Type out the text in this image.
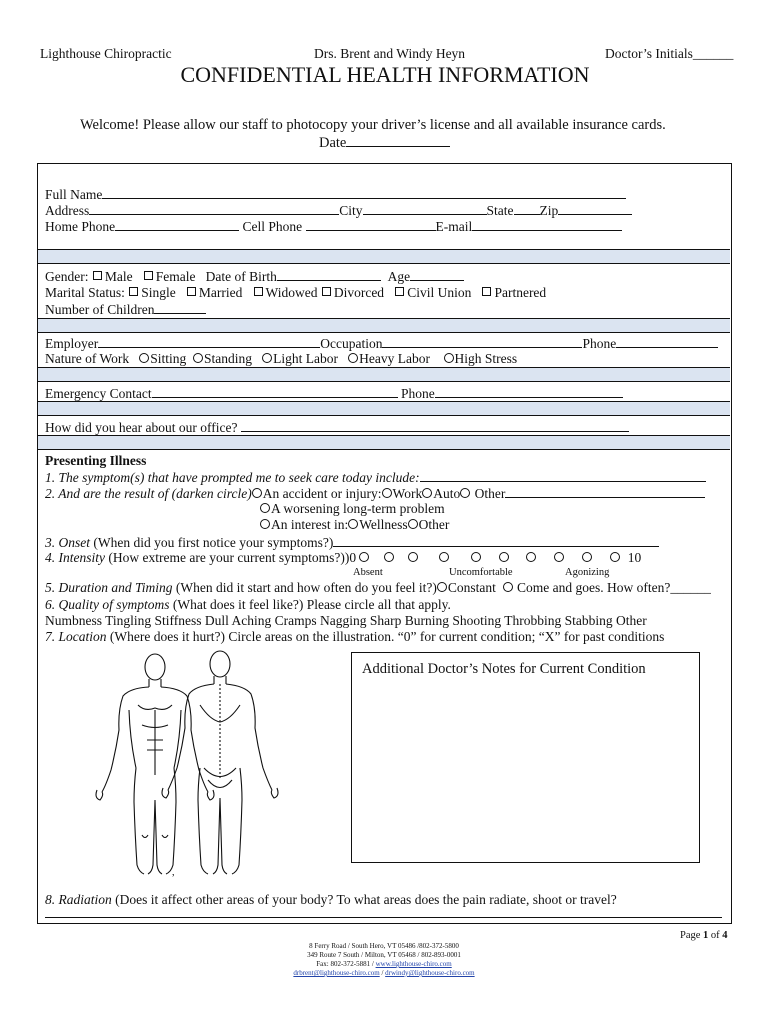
Lighthouse Chiropractic	Drs. Brent and Windy Heyn	Doctor’s Initials______
CONFIDENTIAL HEALTH INFORMATION
Welcome! Please allow our staff to photocopy your driver’s license and all available insurance cards.
Date
Full Name
Address	City	State Zip
Home Phone	Cell Phone	E-mail
Gender: Male Female Date of Birth	Age
Marital Status: Single Married Widowed Divorced Civil Union Partnered
Number of Children
Employer	Occupation	Phone
Nature of Work Sitting Standing Light Labor Heavy Labor High Stress
Emergency Contact	Phone
How did you hear about our office?
Presenting Illness
1. The symptom(s) that have prompted me to seek care today include:
2. And are the result of (darken circle) An accident or injury: Work Auto Other
A worsening long-term problem
An interest in: Wellness Other
3. Onset (When did you first notice your symptoms?)
4. Intensity (How extreme are your current symptoms?))0	10
Absent	Uncomfortable	Agonizing
5. Duration and Timing (When did it start and how often do you feel it?) Constant Come and goes. How often?______
6. Quality of symptoms (What does it feel like?) Please circle all that apply.
Numbness Tingling Stiffness Dull Aching Cramps Nagging Sharp Burning Shooting Throbbing Stabbing Other
7. Location (Where does it hurt?) Circle areas on the illustration. “0” for current condition; “X” for past conditions
,
Additional Doctor’s Notes for Current Condition
8. Radiation (Does it affect other areas of your body? To what areas does the pain radiate, shoot or travel?
Page 1 of 4
8 Ferry Road / South Hero, VT 05486 /802-372-5800
349 Route 7 South / Milton, VT 05468 / 802-893-0001
Fax: 802-372-5881 / www.lighthouse-chiro.com
drbrent@lighthouse-chiro.com / drwindy@lighthouse-chiro.com
